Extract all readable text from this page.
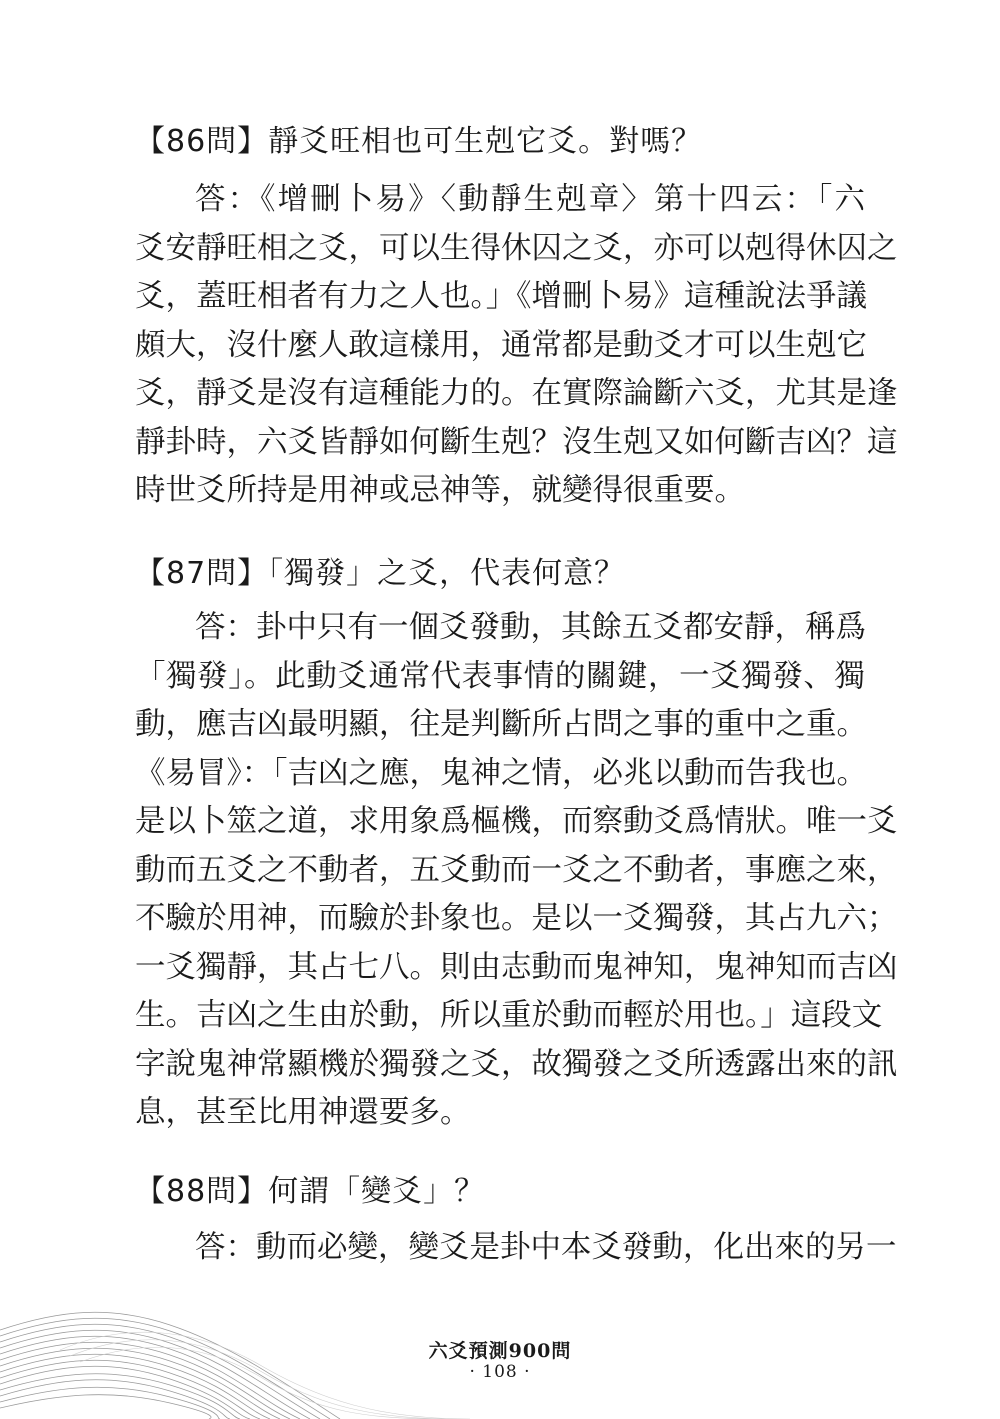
【86問】靜爻旺相也可生剋它爻。對嗎？
答：《增刪卜易》〈動靜生剋章〉第十四云：「六
爻安靜旺相之爻，可以生得休囚之爻，亦可以剋得休囚之
爻，蓋旺相者有力之人也。」《增刪卜易》這種說法爭議
頗大，沒什麼人敢這樣用，通常都是動爻才可以生剋它
爻，靜爻是沒有這種能力的。在實際論斷六爻，尤其是逢
靜卦時，六爻皆靜如何斷生剋？沒生剋又如何斷吉凶？這
時世爻所持是用神或忌神等，就變得很重要。
【87問】「獨發」之爻，代表何意？
答：卦中只有一個爻發動，其餘五爻都安靜，稱爲
「獨發」。此動爻通常代表事情的關鍵，一爻獨發、獨
動，應吉凶最明顯，往是判斷所占問之事的重中之重。
《易冒》：「吉凶之應，鬼神之情，必兆以動而告我也。
是以卜筮之道，求用象爲樞機，而察動爻爲情狀。唯一爻
動而五爻之不動者，五爻動而一爻之不動者，事應之來，
不驗於用神，而驗於卦象也。是以一爻獨發，其占九六；
一爻獨靜，其占七八。則由志動而鬼神知，鬼神知而吉凶
生。吉凶之生由於動，所以重於動而輕於用也。」這段文
字說鬼神常顯機於獨發之爻，故獨發之爻所透露出來的訊
息，甚至比用神還要多。
【88問】何謂「變爻」？
答：動而必變，變爻是卦中本爻發動，化出來的另一
六爻預測900問
· 108 ·
